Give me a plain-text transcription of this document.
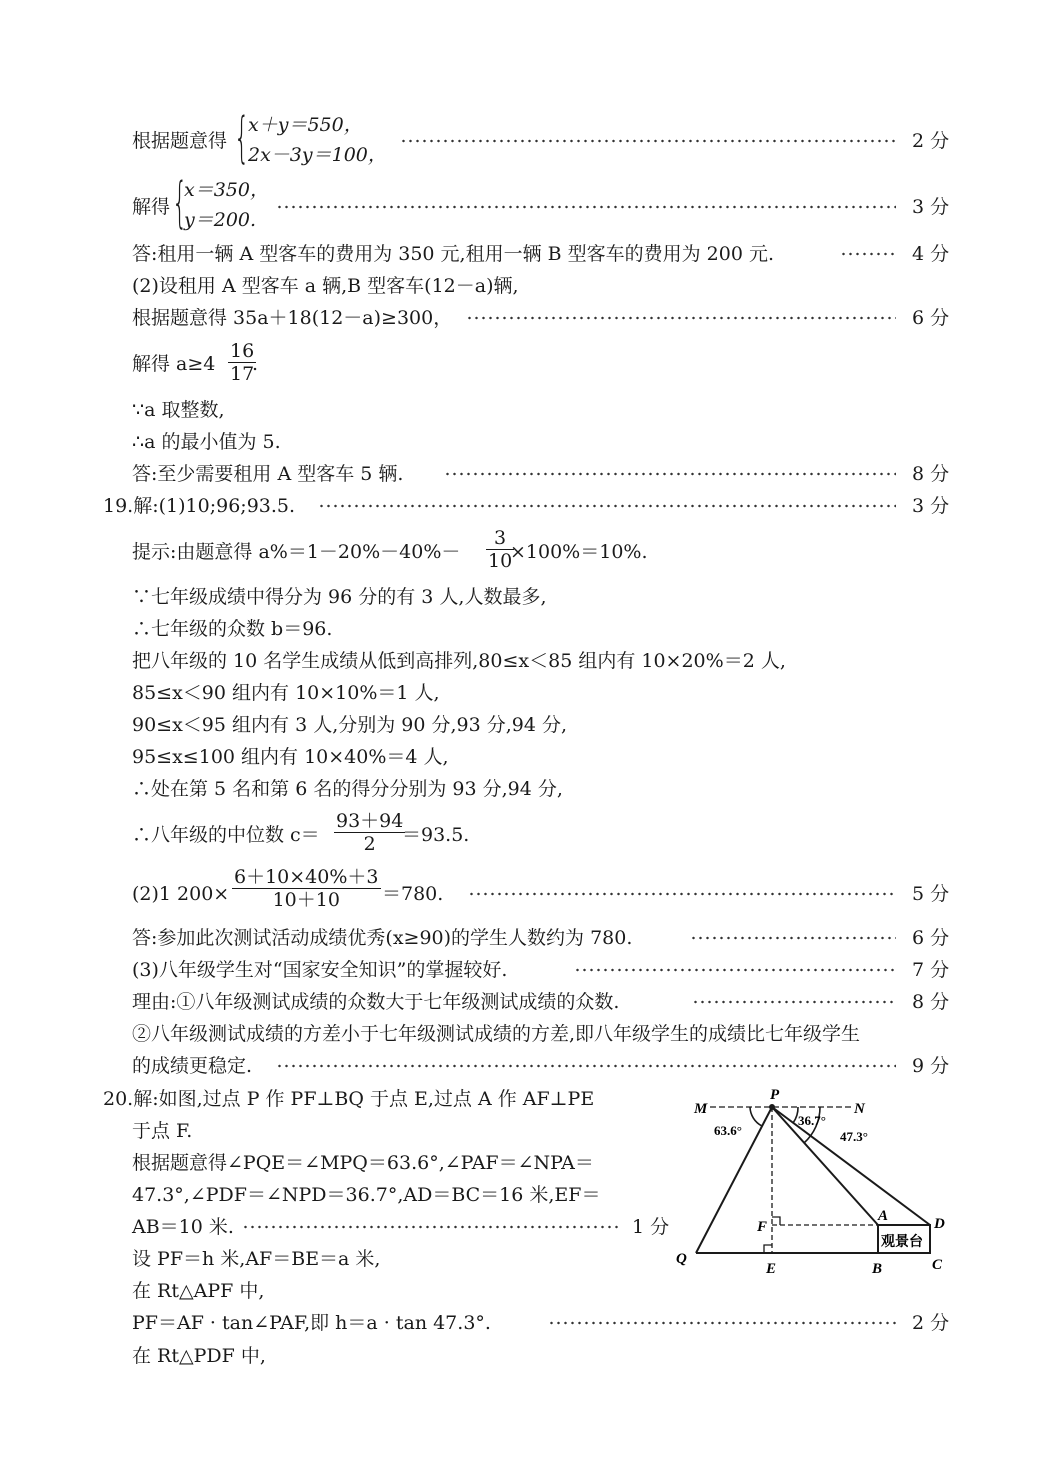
根据题意得 {
x＋y＝550，
2x－3y＝100，
2 分
解得 {
x＝350，
y＝200.
3 分
答:租用一辆 A 型客车的费用为 350 元,租用一辆 B 型客车的费用为 200 元.	4 分
(2)设租用 A 型客车 a 辆,B 型客车(12－a)辆,
根据题意得 35a＋18(12－a)≥300，	6 分
解得 $a\ge 4 \frac{16}{17}$
.
∵a 取整数,
∴a 的最小值为 5.
答:至少需要租用 A 型客车 5 辆.	8 分
19.解:(1)10;96;93.5.	3 分
提示:由题意得 $a\%=1-20\%-40\%- \frac{3}{10}$
×100%＝10%.
∵七年级成绩中得分为 96 分的有 3 人,人数最多,
∴七年级的众数 b＝96.
把八年级的 10 名学生成绩从低到高排列,80≤x＜85 组内有 10×20%＝2 人,
85≤x＜90 组内有 10×10%＝1 人,
90≤x＜95 组内有 3 人,分别为 90 分,93 分,94 分,
95≤x≤100 组内有 10×40%＝4 人,
∴处在第 5 名和第 6 名的得分分别为 93 分,94 分,
∴八年级的中位数 $c= \frac{93+94}{2}$
＝93.5.
(2)1 $200\times \frac{6+10\times 40\%+3}{10+10} =780$.	5 分
答:参加此次测试活动成绩优秀(x≥90)的学生人数约为 780.	6 分
(3)八年级学生对“国家安全知识”的掌握较好.	7 分
理由:①八年级测试成绩的众数大于七年级测试成绩的众数.	8 分
②八年级测试成绩的方差小于七年级测试成绩的方差,即八年级学生的成绩比七年级学生
的成绩更稳定.	9 分
20.解:如图,过点 P 作 PF⊥BQ 于点 E,过点 A 作 AF⊥PE
于点 F.
根据题意得∠PQE＝∠MPQ＝63.6°,∠PAF＝∠NPA＝
47.3°,∠PDF＝∠NPD＝36.7°,AD＝BC＝16 米,EF＝
AB＝10 米.	1 分
设 PF＝h 米,AF＝BE＝a 米,
在 Rt△APF 中,
PF＝AF · tan∠PAF,即 h＝a · tan 47.3°.	2 分
在 Rt△PDF 中,
P
M	N
63.6°
36.7°
47.3°
F
A	D
观景台
Q
E	B	C
